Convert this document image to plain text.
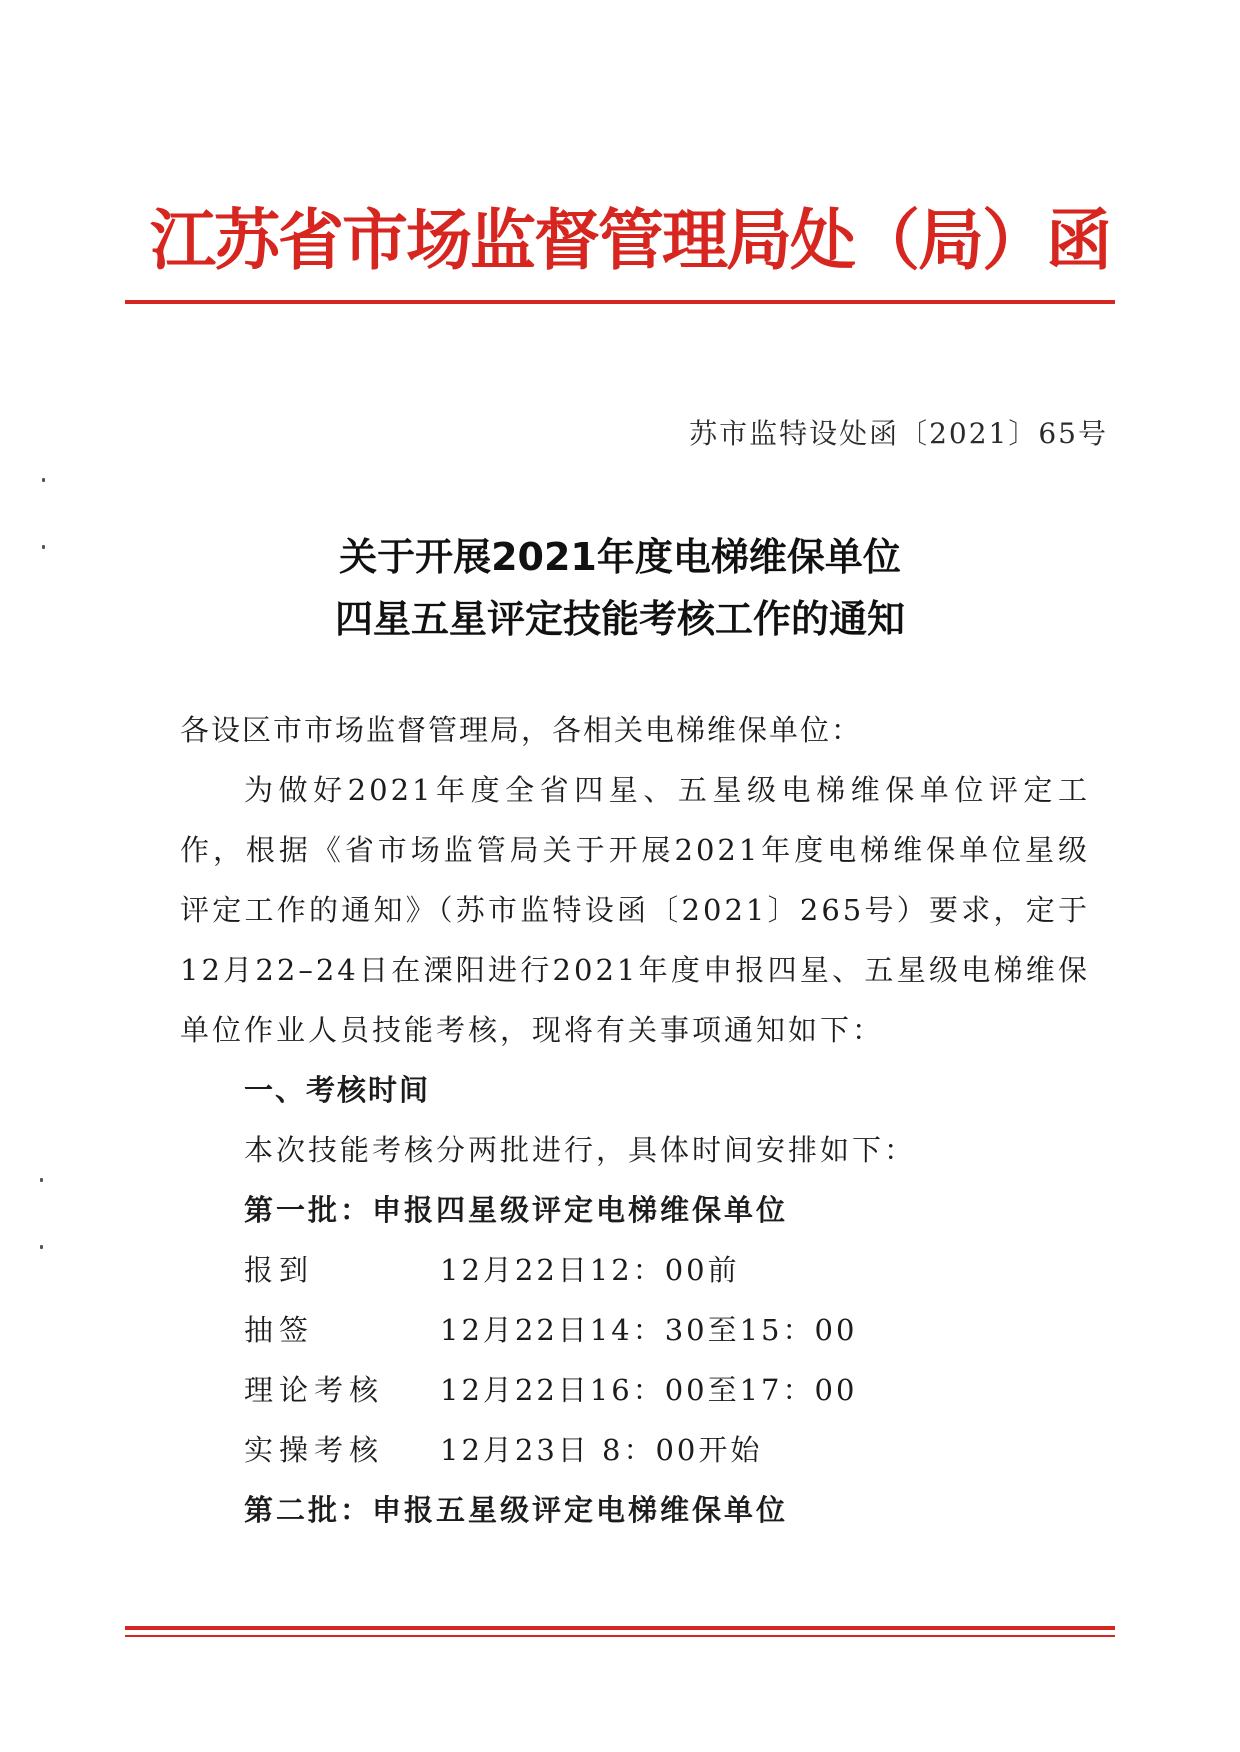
江苏省市场监督管理局处（局）函
苏市监特设处函〔2021〕65号
关于开展2021年度电梯维保单位
四星五星评定技能考核工作的通知

各设区市市场监督管理局，各相关电梯维保单位：

为做好2021年度全省四星、五星级电梯维保单位评定工作，根据《省市场监管局关于开展2021年度电梯维保单位星级评定工作的通知》（苏市监特设函〔2021〕265号）要求，定于12月22–24日在溧阳进行2021年度申报四星、五星级电梯维保单位作业人员技能考核，现将有关事项通知如下：

一、考核时间

本次技能考核分两批进行，具体时间安排如下：

第一批：申报四星级评定电梯维保单位

报到	12月22日12：00前
抽签	12月22日14：30至15：00
理论考核	12月22日16：00至17：00
实操考核	12月23日 8：00开始

第二批：申报五星级评定电梯维保单位
